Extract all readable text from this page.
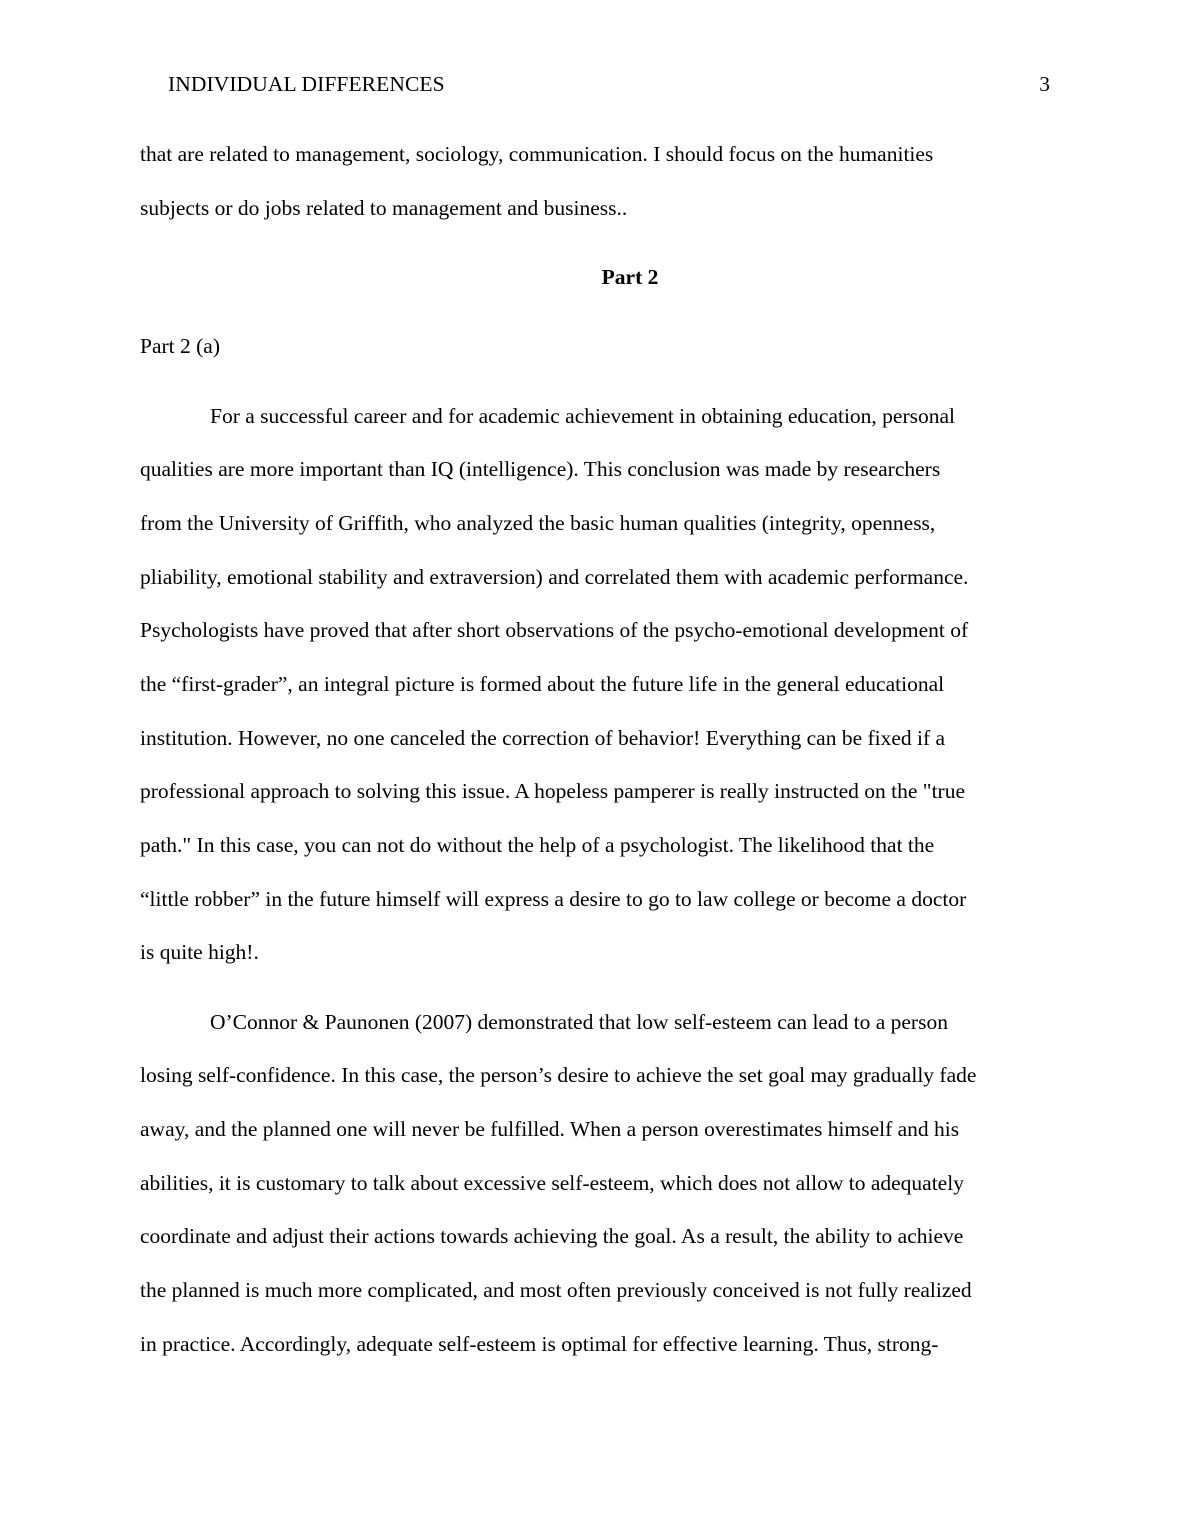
INDIVIDUAL DIFFERENCES	3
that are related to management, sociology, communication. I should focus on the humanities
subjects or do jobs related to management and business..
Part 2
Part 2 (a)
For a successful career and for academic achievement in obtaining education, personal
qualities are more important than IQ (intelligence). This conclusion was made by researchers
from the University of Griffith, who analyzed the basic human qualities (integrity, openness,
pliability, emotional stability and extraversion) and correlated them with academic performance.
Psychologists have proved that after short observations of the psycho-emotional development of
the “first-grader”, an integral picture is formed about the future life in the general educational
institution. However, no one canceled the correction of behavior! Everything can be fixed if a
professional approach to solving this issue. A hopeless pamperer is really instructed on the "true
path." In this case, you can not do without the help of a psychologist. The likelihood that the
“little robber” in the future himself will express a desire to go to law college or become a doctor
is quite high!.
O’Connor & Paunonen (2007) demonstrated that low self-esteem can lead to a person
losing self-confidence. In this case, the person’s desire to achieve the set goal may gradually fade
away, and the planned one will never be fulfilled. When a person overestimates himself and his
abilities, it is customary to talk about excessive self-esteem, which does not allow to adequately
coordinate and adjust their actions towards achieving the goal. As a result, the ability to achieve
the planned is much more complicated, and most often previously conceived is not fully realized
in practice. Accordingly, adequate self-esteem is optimal for effective learning. Thus, strong-
